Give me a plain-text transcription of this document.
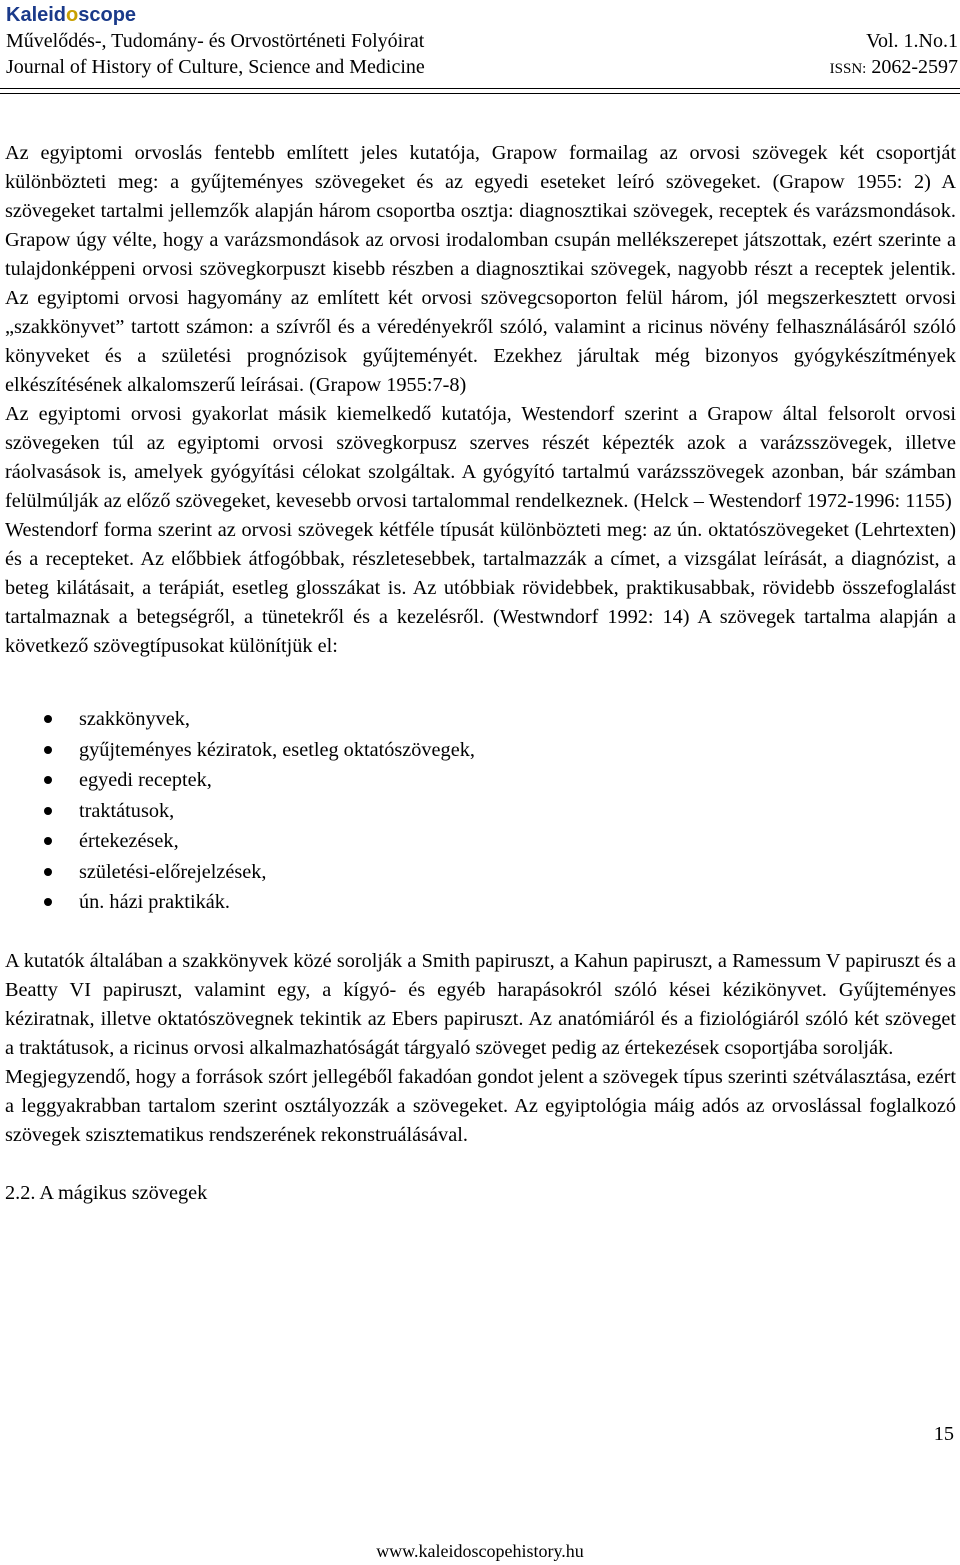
Kaleidoscope
Művelődés-, Tudomány- és Orvostörténeti Folyóirat	Vol. 1.No.1
Journal of History of Culture, Science and Medicine	ISSN: 2062-2597

Az egyiptomi orvoslás fentebb említett jeles kutatója, Grapow formailag az orvosi szövegek két csoportját különbözteti meg: a gyűjteményes szövegeket és az egyedi eseteket leíró szövegeket. (Grapow 1955: 2) A szövegeket tartalmi jellemzők alapján három csoportba osztja: diagnosztikai szövegek, receptek és varázsmondások. Grapow úgy vélte, hogy a varázsmondások az orvosi irodalomban csupán mellékszerepet játszottak, ezért szerinte a tulajdonképpeni orvosi szövegkorpuszt kisebb részben a diagnosztikai szövegek, nagyobb részt a receptek jelentik. Az egyiptomi orvosi hagyomány az említett két orvosi szövegcsoporton felül három, jól megszerkesztett orvosi „szakkönyvet” tartott számon: a szívről és a véredényekről szóló, valamint a ricinus növény felhasználásáról szóló könyveket és a születési prognózisok gyűjteményét. Ezekhez járultak még bizonyos gyógykészítmények elkészítésének alkalomszerű leírásai. (Grapow 1955:7-8)

Az egyiptomi orvosi gyakorlat másik kiemelkedő kutatója, Westendorf szerint a Grapow által felsorolt orvosi szövegeken túl az egyiptomi orvosi szövegkorpusz szerves részét képezték azok a varázsszövegek, illetve ráolvasások is, amelyek gyógyítási célokat szolgáltak. A gyógyító tartalmú varázsszövegek azonban, bár számban felülmúlják az előző szövegeket, kevesebb orvosi tartalommal rendelkeznek. (Helck – Westendorf 1972-1996: 1155)

Westendorf forma szerint az orvosi szövegek kétféle típusát különbözteti meg: az ún. oktatószövegeket (Lehrtexten) és a recepteket. Az előbbiek átfogóbbak, részletesebbek, tartalmazzák a címet, a vizsgálat leírását, a diagnózist, a beteg kilátásait, a terápiát, esetleg glosszákat is. Az utóbbiak rövidebbek, praktikusabbak, rövidebb összefoglalást tartalmaznak a betegségről, a tünetekről és a kezelésről. (Westwndorf 1992: 14) A szövegek tartalma alapján a következő szövegtípusokat különítjük el:

szakkönyvek,
gyűjteményes kéziratok, esetleg oktatószövegek,
egyedi receptek,
traktátusok,
értekezések,
születési-előrejelzések,
ún. házi praktikák.

A kutatók általában a szakkönyvek közé sorolják a Smith papiruszt, a Kahun papiruszt, a Ramessum V papiruszt és a Beatty VI papiruszt, valamint egy, a kígyó- és egyéb harapásokról szóló kései kézikönyvet. Gyűjteményes kéziratnak, illetve oktatószövegnek tekintik az Ebers papiruszt. Az anatómiáról és a fiziológiáról szóló két szöveget a traktátusok, a ricinus orvosi alkalmazhatóságát tárgyaló szöveget pedig az értekezések csoportjába sorolják.

Megjegyzendő, hogy a források szórt jellegéből fakadóan gondot jelent a szövegek típus szerinti szétválasztása, ezért a leggyakrabban tartalom szerint osztályozzák a szövegeket. Az egyiptológia máig adós az orvoslással foglalkozó szövegek szisztematikus rendszerének rekonstruálásával.

2.2. A mágikus szövegek

15
www.kaleidoscopehistory.hu
